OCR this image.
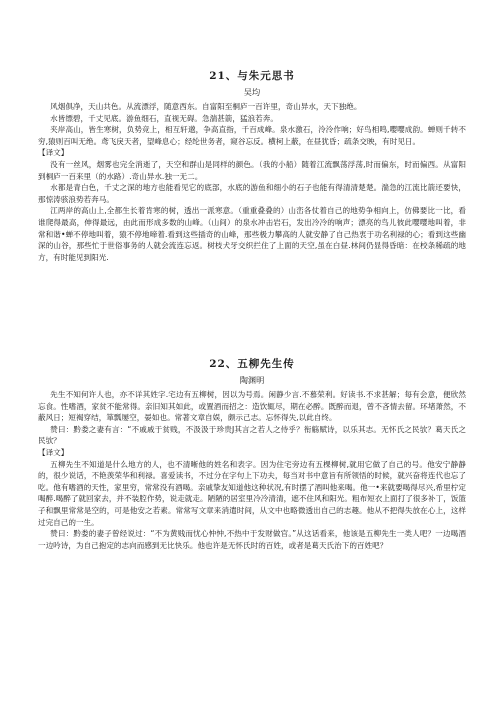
21、与朱元思书
吴均

风烟俱净，天山共色。从流漂浮，随意西东。自富阳至桐庐一百许里，奇山异水，天下独绝。

水皆缥碧，千丈见底。游鱼细石，直视无碍。急湍甚箭，猛浪若奔。

夹岸高山，皆生寒树，负势竞上，相互轩邈，争高直指，千百成峰。泉水激石，泠泠作响；好鸟相鸣,嘤嘤成韵。蝉则千转不穷,猿则百叫无绝。鸢飞戾天者，望峰息心；经纶世务者，窥谷忘反。横柯上蔽，在昼犹昏；疏条交映，有时见日。

【译文】

没有一丝风，烟雾也完全消逝了，天空和群山是同样的颜色。（我的小船）随着江流飘荡浮荡,时而偏东，时而偏西。从富阳到桐庐一百来里（的水路）.奇山异水.独一无二。

水都是青白色，千丈之深的地方也能看见它的底部，水底的游鱼和细小的石子也能有得清清楚楚。湍急的江流比箭还要快，那惊涛骇浪势若奔马。

江两岸的高山上,全都生长着肯寒的树，透出一派寒意。（重重叠叠的）山峦各仗着自己的地势争相向上，仿佛要比一比，看谁爬得最高，伸得最远，由此而形成多数的山峰。（山间）的泉水冲击岩石，发出冷冷的响声；漂亮的鸟儿彼此嘤嘤地叫着，非常和谐•蝉不停地叫着，猿不停地啼着.看到这些插奇的山峰，那些极力攀高的人就安静了自己热衷于功名利禄的心；看到这些幽深的山谷，那些忙于世俗事务的人就会流连忘返。树枝犬牙交织拦住了上面的天空,虽在白昼.林间仍显得昏暗：在校条稀疏的地方，有时能见到阳光.

22、五柳先生传
陶渊明

先生不知何许人也，亦不详其姓字.宅边有五柳树，因以为号焉。闲静少言.不慕荣利。好读书.不求甚解；每有会意，便欣然忘食。性嗜酒，家贫不能常得。亲旧知其如此，或置酒而招之：造饮辄尽，期在必醉。既醉而退，曾不吝情去留。环堵萧然，不蔽风日；短褐穿结，箪瓢屡空，晏如也。常著文章自娱，颇示己志。忘怀得失,以此自终。

赞曰：黔娄之妻有言：“不戚戚于贫贱，不汲汲于珍贵J其言之若人之侍乎？衔觞赋诗，以乐其志。无怀氏之民欤？葛天氏之民欤？

【译文】

五柳先生不知道是什么地方的人，也不清晰他的姓名和表字。因为住宅旁边有五棵柳树,就用它做了自己的号。他安宁静静的，很少说话，不艳羡荣华和利禄。喜爱读书，不过分在字句上下功夫，每当对书中意旨有所领悟的时候，就兴奋将连代也忘了吃。他有嗜酒的天性，家里穷，常常没有酒喝。亲戚挚友知道他这种状况,有时摆了酒叫他来喝。他一•来就要喝得尽兴,希里柠定喝醉.喝醉了就回家去，并不装腔作势，说走就走。陋陋的居室里冷冷清清，遮不住风和阳光。粗布短衣上面打了很多补丁，饭篮子和飘里常常是空的，可是他安之若素。常常写文章来消遣时间，从文中也略微透出自己的志趣。他从不把得失放在心上，这样过完自己的一生。

赞曰：黔娄的妻子曾经说过：“不为黄贱而忧心忡忡,不热中于发财做官。”从这话看来，他该是五柳先生一类人吧？一边喝酒一边吟诗，为自己抱定的志向而感到无比快乐。他也许是无怀氏时的百姓，或者是葛天氏治下的百姓吧？
